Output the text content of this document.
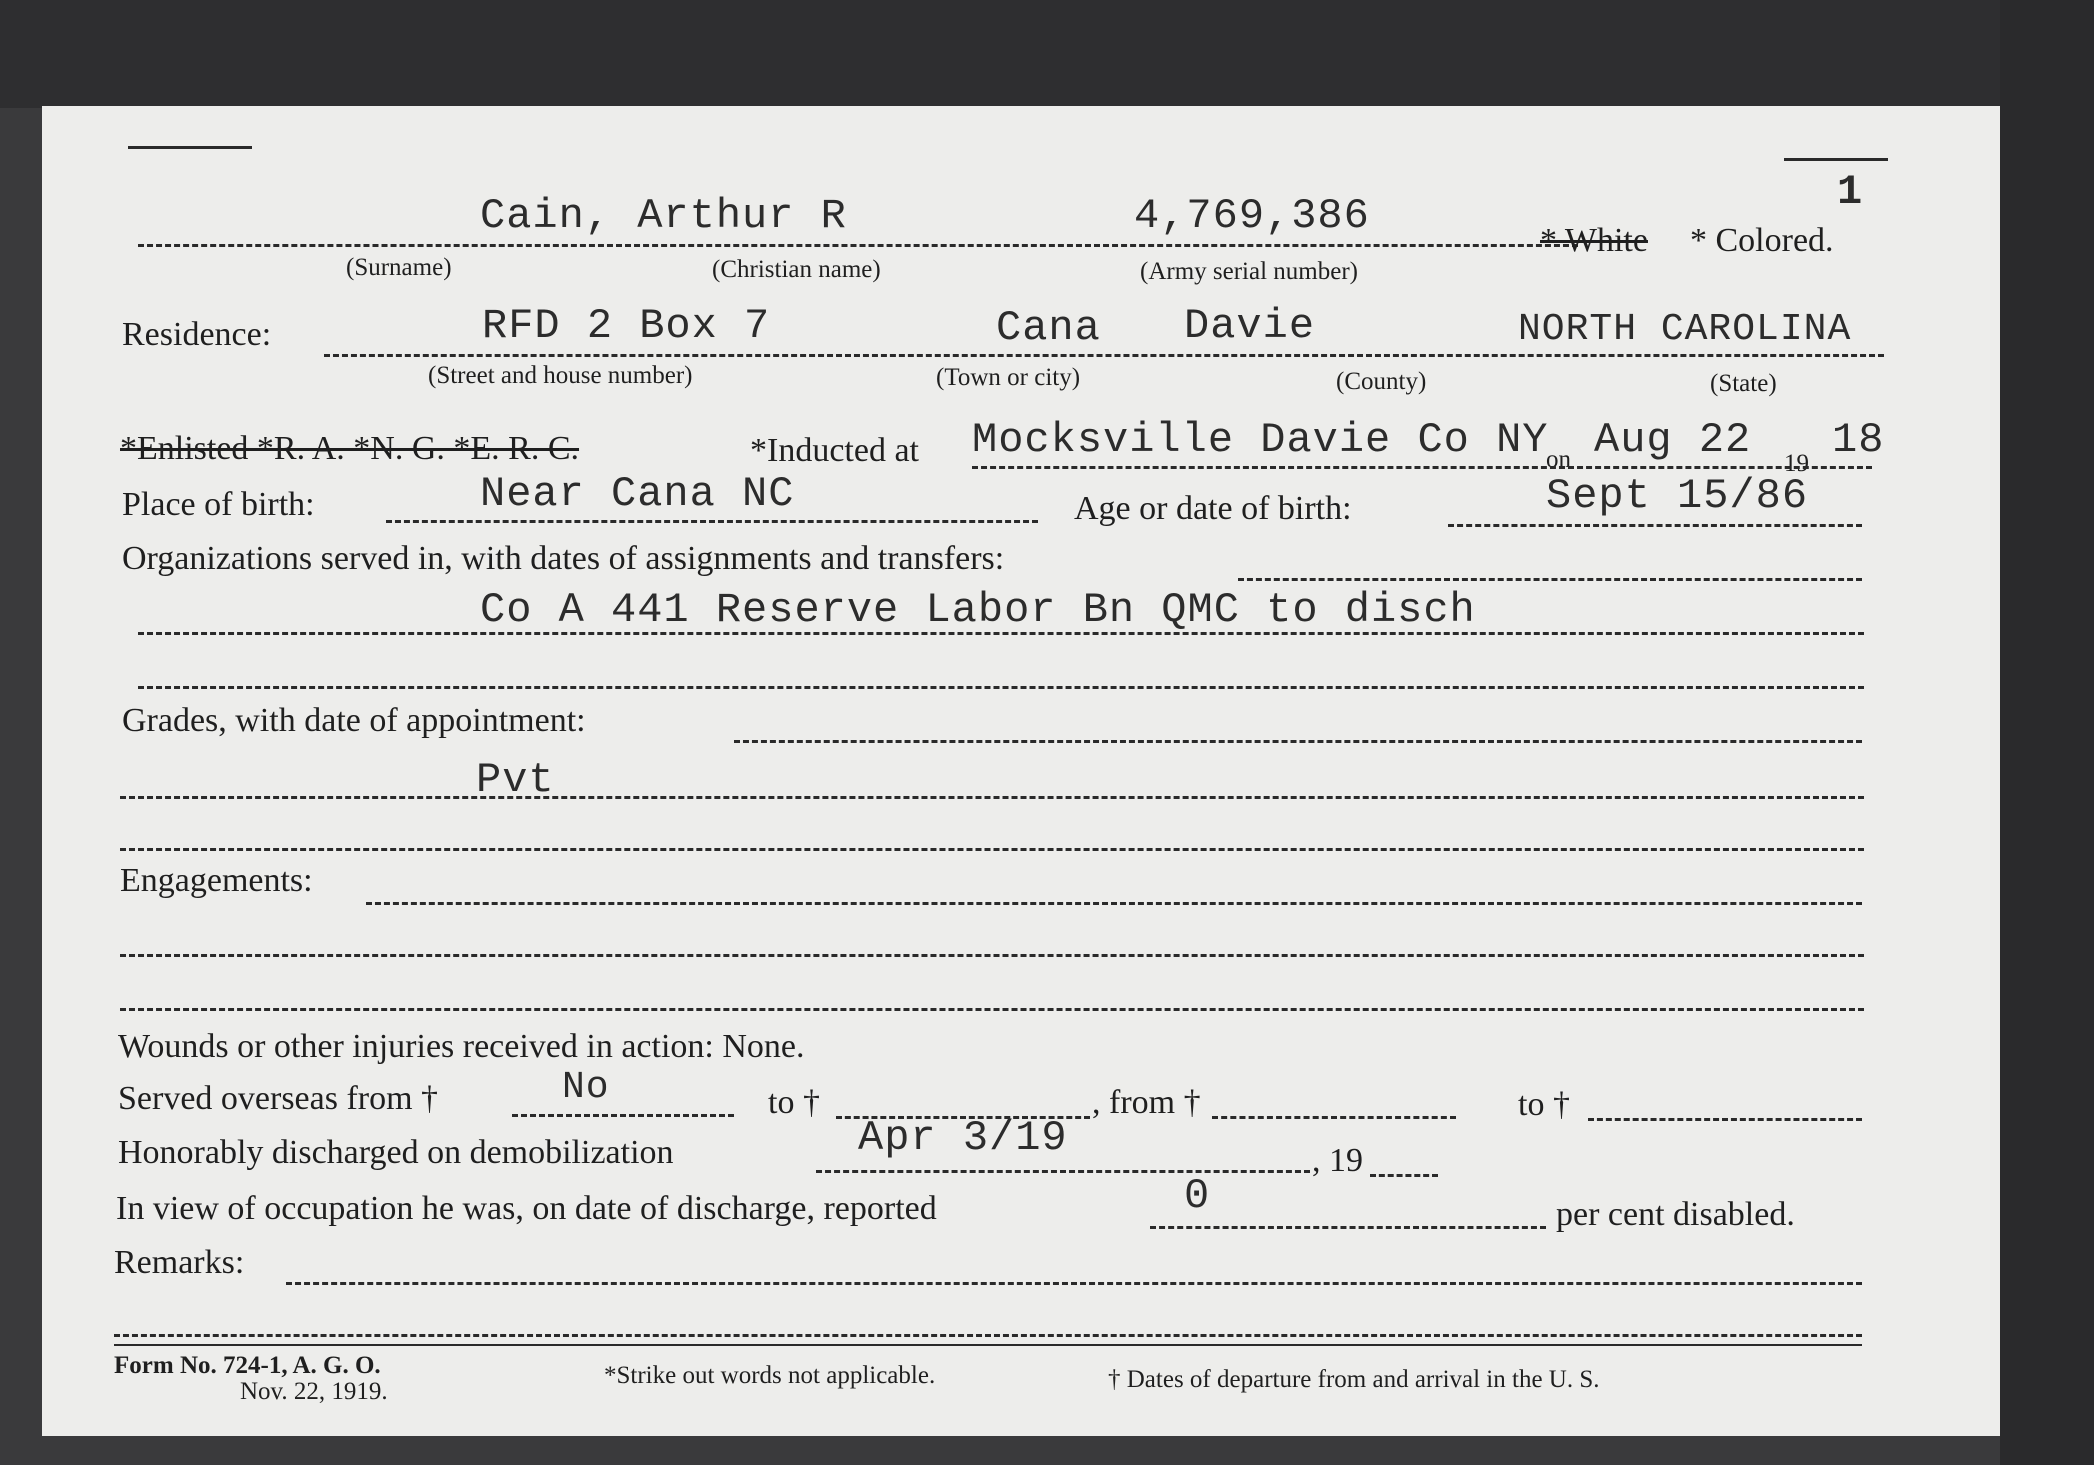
1
Cain, Arthur R	4,769,386
* White * Colored.
(Surname)	(Christian name)	(Army serial number)
Residence:	RFD 2 Box 7	Cana Davie	NORTH CAROLINA
(Street and house number)	(Town or city)	(County)	(State)
*Enlisted *R. A. *N. G. *E. R. C.	*Inducted at Mocksville Davie Co NY
on Aug 22 19 18
Place of birth:	Near Cana NC	Age or date of birth:	Sept 15/86
Organizations served in, with dates of assignments and transfers:
Co A 441 Reserve Labor Bn QMC to disch
Grades, with date of appointment:
Pvt
Engagements:
Wounds or other injuries received in action: None.
Served overseas from †	No	to †	, from †	to †
Honorably discharged on demobilization	Apr 3/19	, 19
In view of occupation he was, on date of discharge, reported	0	per cent disabled.
Remarks:
Form No. 724-1, A. G. O.
Nov. 22, 1919.
*Strike out words not applicable.	† Dates of departure from and arrival in the U. S.
